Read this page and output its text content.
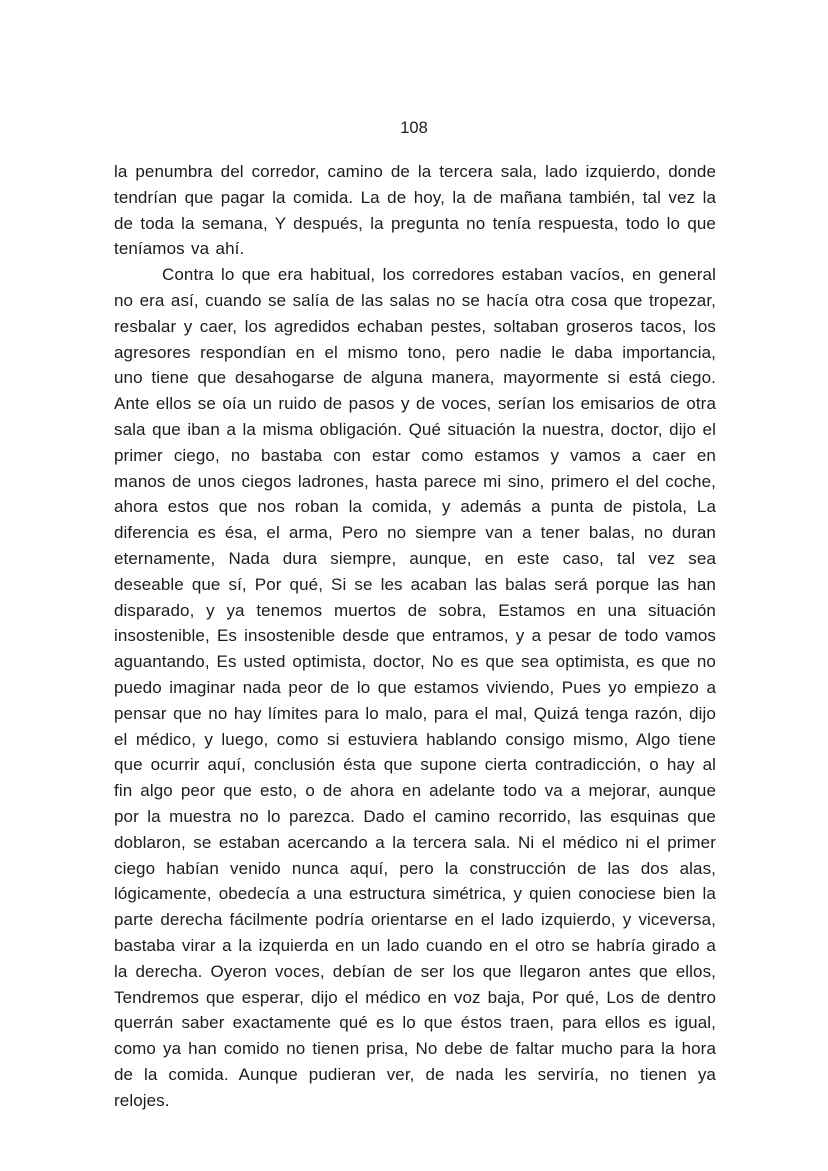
108

la penumbra del corredor, camino de la tercera sala, lado izquierdo, donde tendrían que pagar la comida. La de hoy, la de mañana también, tal vez la de toda la semana, Y después, la pregunta no tenía respuesta, todo lo que teníamos va ahí.

Contra lo que era habitual, los corredores estaban vacíos, en general no era así, cuando se salía de las salas no se hacía otra cosa que tropezar, resbalar y caer, los agredidos echaban pestes, soltaban groseros tacos, los agresores respondían en el mismo tono, pero nadie le daba importancia, uno tiene que desahogarse de alguna manera, mayormente si está ciego. Ante ellos se oía un ruido de pasos y de voces, serían los emisarios de otra sala que iban a la misma obligación. Qué situación la nuestra, doctor, dijo el primer ciego, no bastaba con estar como estamos y vamos a caer en manos de unos ciegos ladrones, hasta parece mi sino, primero el del coche, ahora estos que nos roban la comida, y además a punta de pistola, La diferencia es ésa, el arma, Pero no siempre van a tener balas, no duran eternamente, Nada dura siempre, aunque, en este caso, tal vez sea deseable que sí, Por qué, Si se les acaban las balas será porque las han disparado, y ya tenemos muertos de sobra, Estamos en una situación insostenible, Es insostenible desde que entramos, y a pesar de todo vamos aguantando, Es usted optimista, doctor, No es que sea optimista, es que no puedo imaginar nada peor de lo que estamos viviendo, Pues yo empiezo a pensar que no hay límites para lo malo, para el mal, Quizá tenga razón, dijo el médico, y luego, como si estuviera hablando consigo mismo, Algo tiene que ocurrir aquí, conclusión ésta que supone cierta contradicción, o hay al fin algo peor que esto, o de ahora en adelante todo va a mejorar, aunque por la muestra no lo parezca. Dado el camino recorrido, las esquinas que doblaron, se estaban acercando a la tercera sala. Ni el médico ni el primer ciego habían venido nunca aquí, pero la construcción de las dos alas, lógicamente, obedecía a una estructura simétrica, y quien conociese bien la parte derecha fácilmente podría orientarse en el lado izquierdo, y viceversa, bastaba virar a la izquierda en un lado cuando en el otro se habría girado a la derecha. Oyeron voces, debían de ser los que llegaron antes que ellos, Tendremos que esperar, dijo el médico en voz baja, Por qué, Los de dentro querrán saber exactamente qué es lo que éstos traen, para ellos es igual, como ya han comido no tienen prisa, No debe de faltar mucho para la hora de la comida. Aunque pudieran ver, de nada les serviría, no tienen ya relojes.
